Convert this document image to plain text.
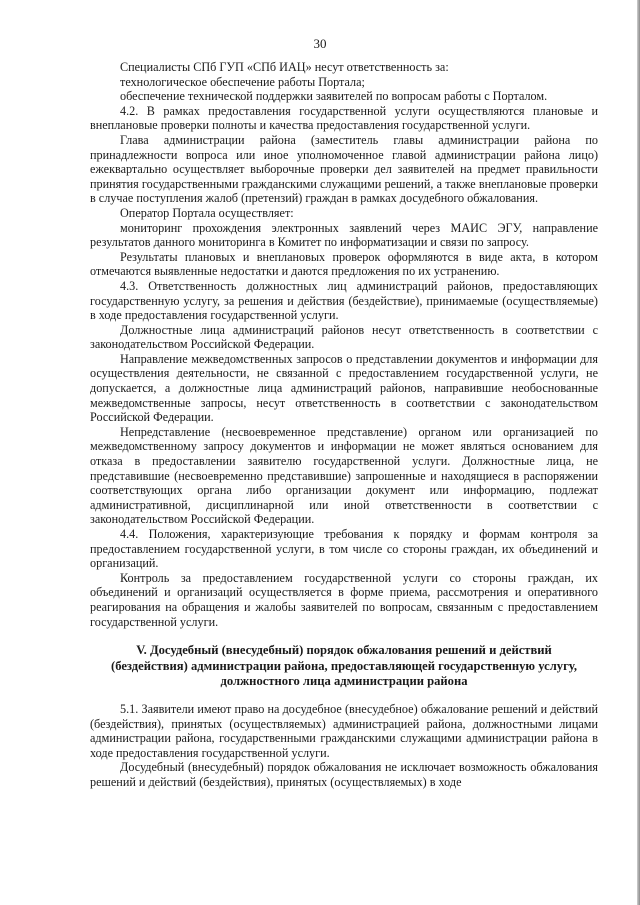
30

Специалисты СПб ГУП «СПб ИАЦ» несут ответственность за:

технологическое обеспечение работы Портала;

обеспечение технической поддержки заявителей по вопросам работы с Порталом.

4.2. В рамках предоставления государственной услуги осуществляются плановые и внеплановые проверки полноты и качества предоставления государственной услуги.

Глава администрации района (заместитель главы администрации района по принадлежности вопроса или иное уполномоченное главой администрации района лицо) ежеквартально осуществляет выборочные проверки дел заявителей на предмет правильности принятия государственными гражданскими служащими решений, а также внеплановые проверки в случае поступления жалоб (претензий) граждан в рамках досудебного обжалования.

Оператор Портала осуществляет:

мониторинг прохождения электронных заявлений через МАИС ЭГУ, направление результатов данного мониторинга в Комитет по информатизации и связи по запросу.

Результаты плановых и внеплановых проверок оформляются в виде акта, в котором отмечаются выявленные недостатки и даются предложения по их устранению.

4.3. Ответственность должностных лиц администраций районов, предоставляющих государственную услугу, за решения и действия (бездействие), принимаемые (осуществляемые) в ходе предоставления государственной услуги.

Должностные лица администраций районов несут ответственность в соответствии с законодательством Российской Федерации.

Направление межведомственных запросов о представлении документов и информации для осуществления деятельности, не связанной с предоставлением государственной услуги, не допускается, а должностные лица администраций районов, направившие необоснованные межведомственные запросы, несут ответственность в соответствии с законодательством Российской Федерации.

Непредставление (несвоевременное представление) органом или организацией по межведомственному запросу документов и информации не может являться основанием для отказа в предоставлении заявителю государственной услуги. Должностные лица, не представившие (несвоевременно представившие) запрошенные и находящиеся в распоряжении соответствующих органа либо организации документ или информацию, подлежат административной, дисциплинарной или иной ответственности в соответствии с законодательством Российской Федерации.

4.4. Положения, характеризующие требования к порядку и формам контроля за предоставлением государственной услуги, в том числе со стороны граждан, их объединений и организаций.

Контроль за предоставлением государственной услуги со стороны граждан, их объединений и организаций осуществляется в форме приема, рассмотрения и оперативного реагирования на обращения и жалобы заявителей по вопросам, связанным с предоставлением государственной услуги.

V. Досудебный (внесудебный) порядок обжалования решений и действий
(бездействия) администрации района, предоставляющей государственную услугу,
должностного лица администрации района

5.1. Заявители имеют право на досудебное (внесудебное) обжалование решений и действий (бездействия), принятых (осуществляемых) администрацией района, должностными лицами администрации района, государственными гражданскими служащими администрации района в ходе предоставления государственной услуги.

Досудебный (внесудебный) порядок обжалования не исключает возможность обжалования решений и действий (бездействия), принятых (осуществляемых) в ходе
